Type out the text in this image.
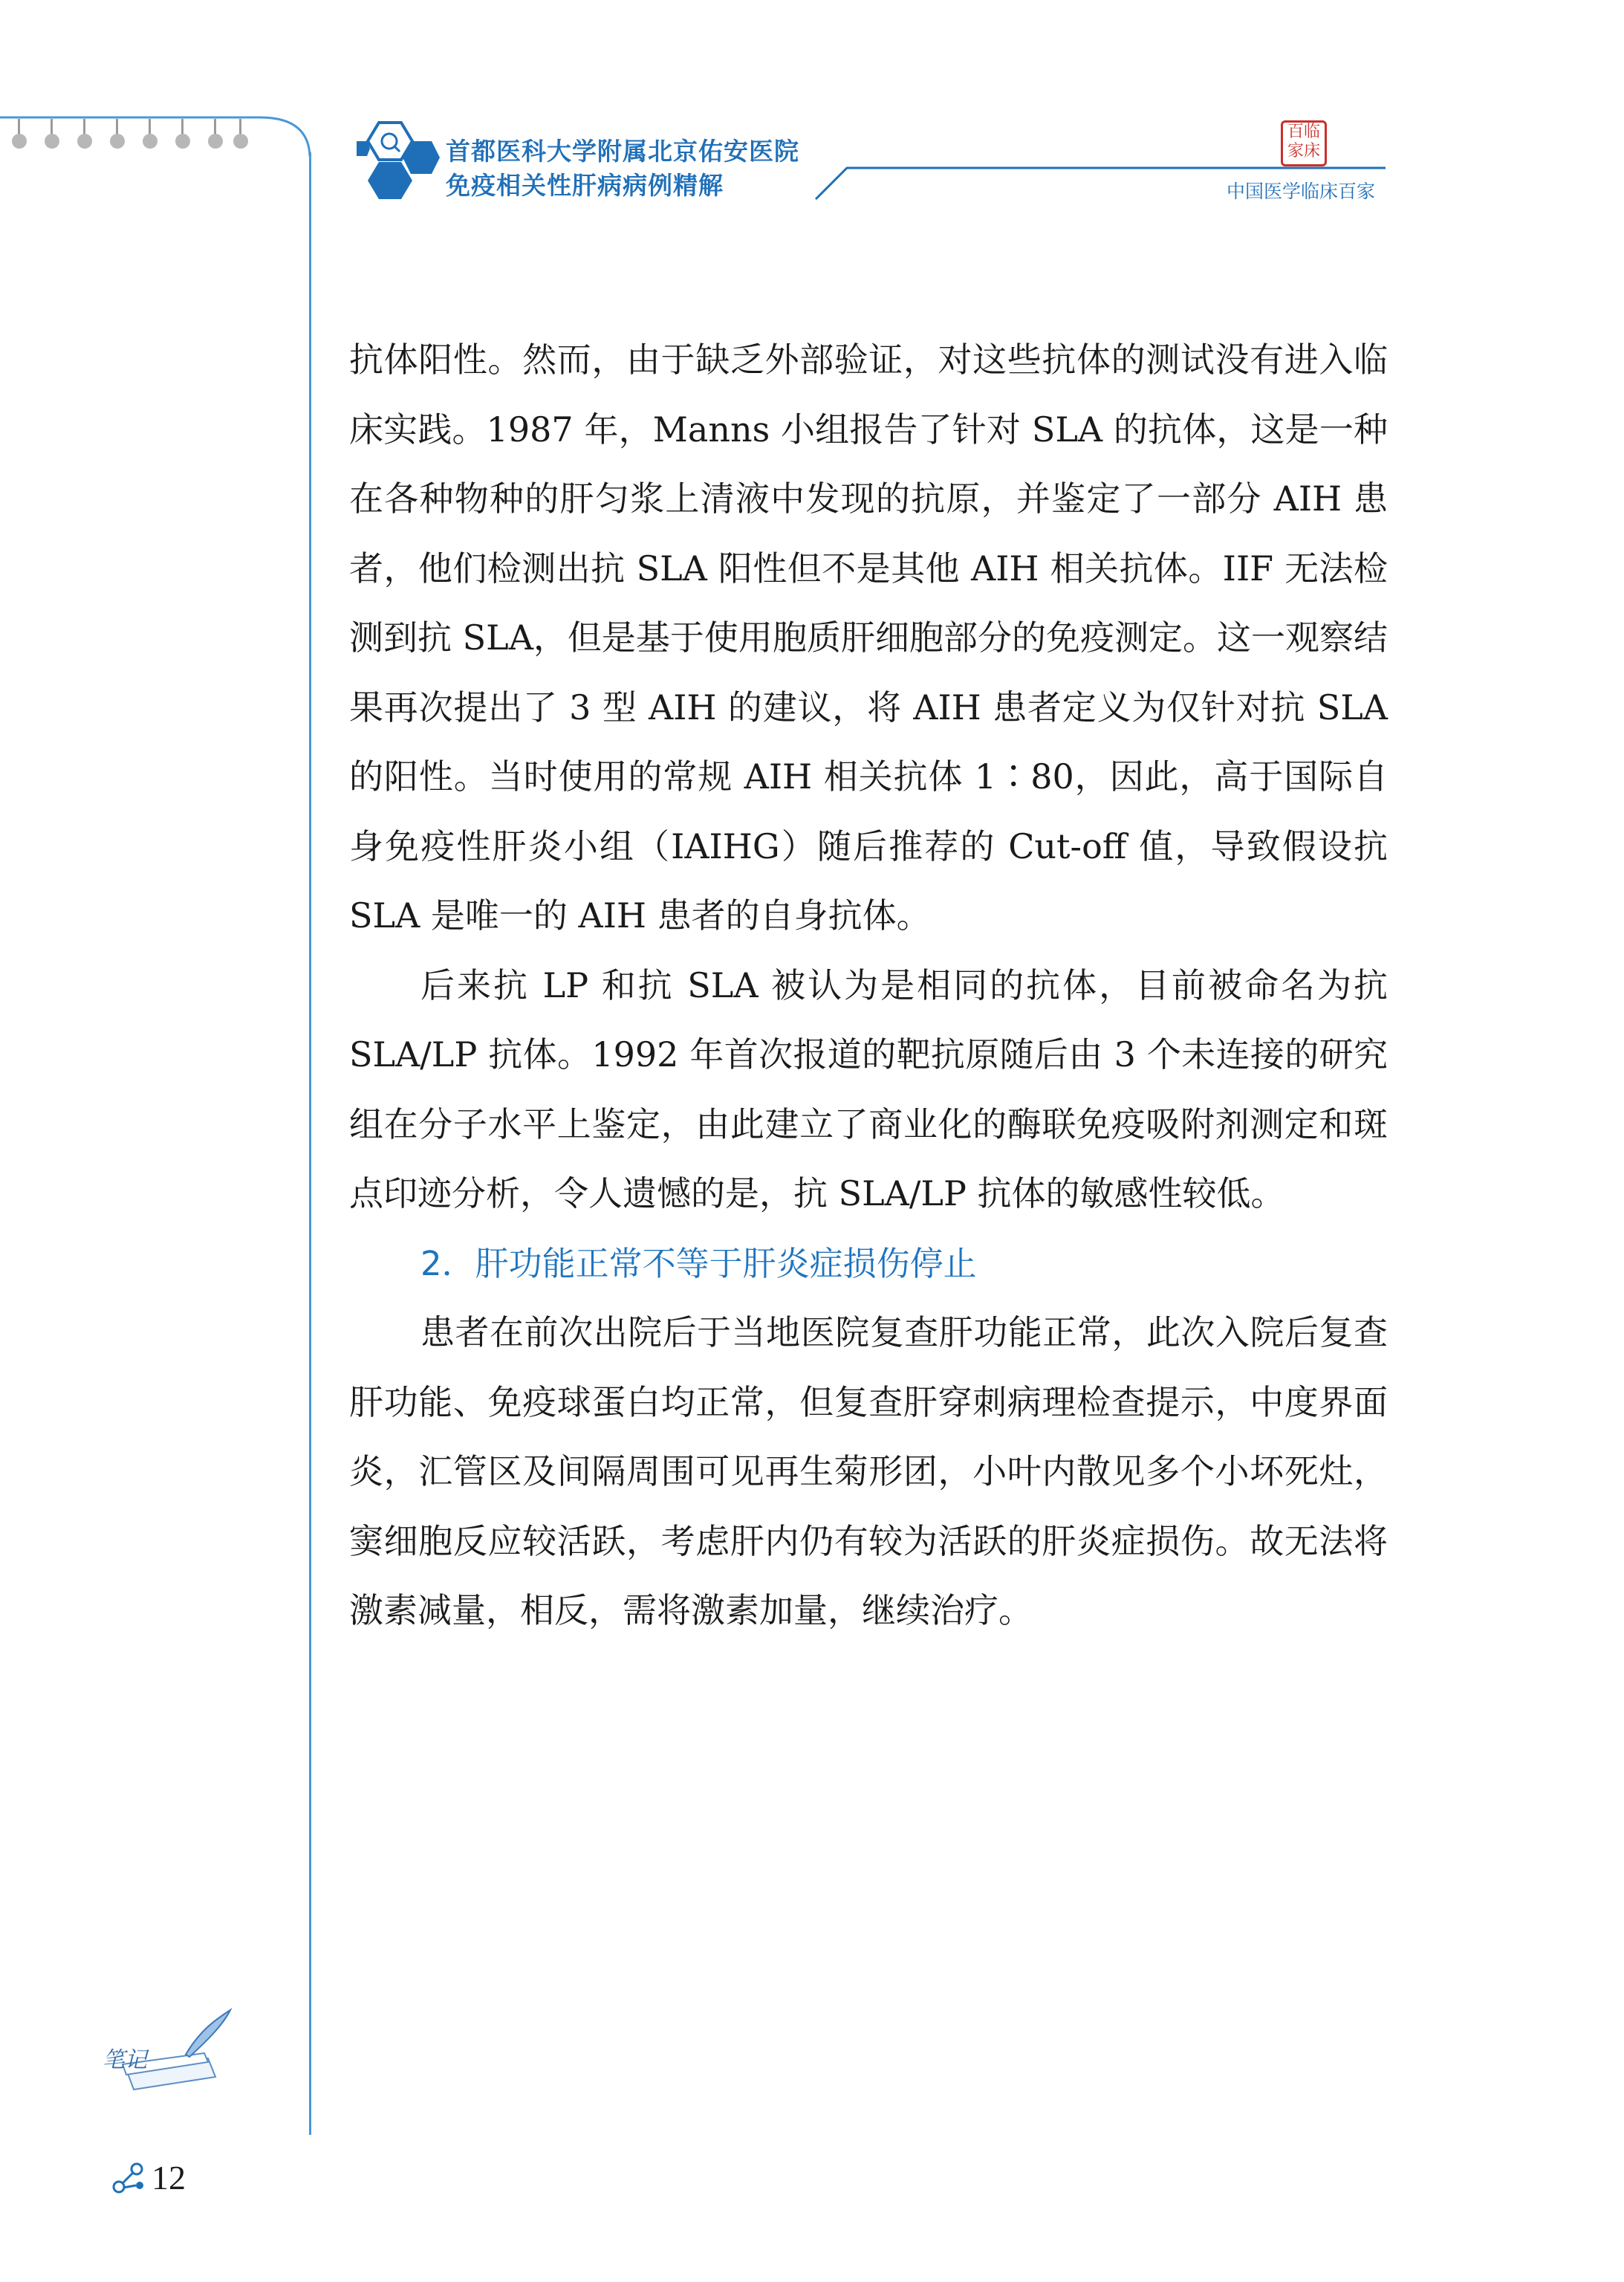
首都医科大学附属北京佑安医院
免疫相关性肝病病例精解
百临
家床
中国医学临床百家

抗体阳性。然而，由于缺乏外部验证，对这些抗体的测试没有进入临床实践。1987 年，Manns 小组报告了针对 SLA 的抗体，这是一种在各种物种的肝匀浆上清液中发现的抗原，并鉴定了一部分 AIH 患者，他们检测出抗 SLA 阳性但不是其他 AIH 相关抗体。IIF 无法检测到抗 SLA，但是基于使用胞质肝细胞部分的免疫测定。这一观察结果再次提出了 3 型 AIH 的建议，将 AIH 患者定义为仅针对抗 SLA 的阳性。当时使用的常规 AIH 相关抗体 1∶80，因此，高于国际自身免疫性肝炎小组（IAIHG）随后推荐的 Cut-off 值，导致假设抗 SLA 是唯一的 AIH 患者的自身抗体。

后来抗 LP 和抗 SLA 被认为是相同的抗体，目前被命名为抗 SLA/LP 抗体。1992 年首次报道的靶抗原随后由 3 个未连接的研究组在分子水平上鉴定，由此建立了商业化的酶联免疫吸附剂测定和斑点印迹分析，令人遗憾的是，抗 SLA/LP 抗体的敏感性较低。

2．肝功能正常不等于肝炎症损伤停止

患者在前次出院后于当地医院复查肝功能正常，此次入院后复查肝功能、免疫球蛋白均正常，但复查肝穿刺病理检查提示，中度界面炎，汇管区及间隔周围可见再生菊形团，小叶内散见多个小坏死灶，窦细胞反应较活跃，考虑肝内仍有较为活跃的肝炎症损伤。故无法将激素减量，相反，需将激素加量，继续治疗。

笔记
12
